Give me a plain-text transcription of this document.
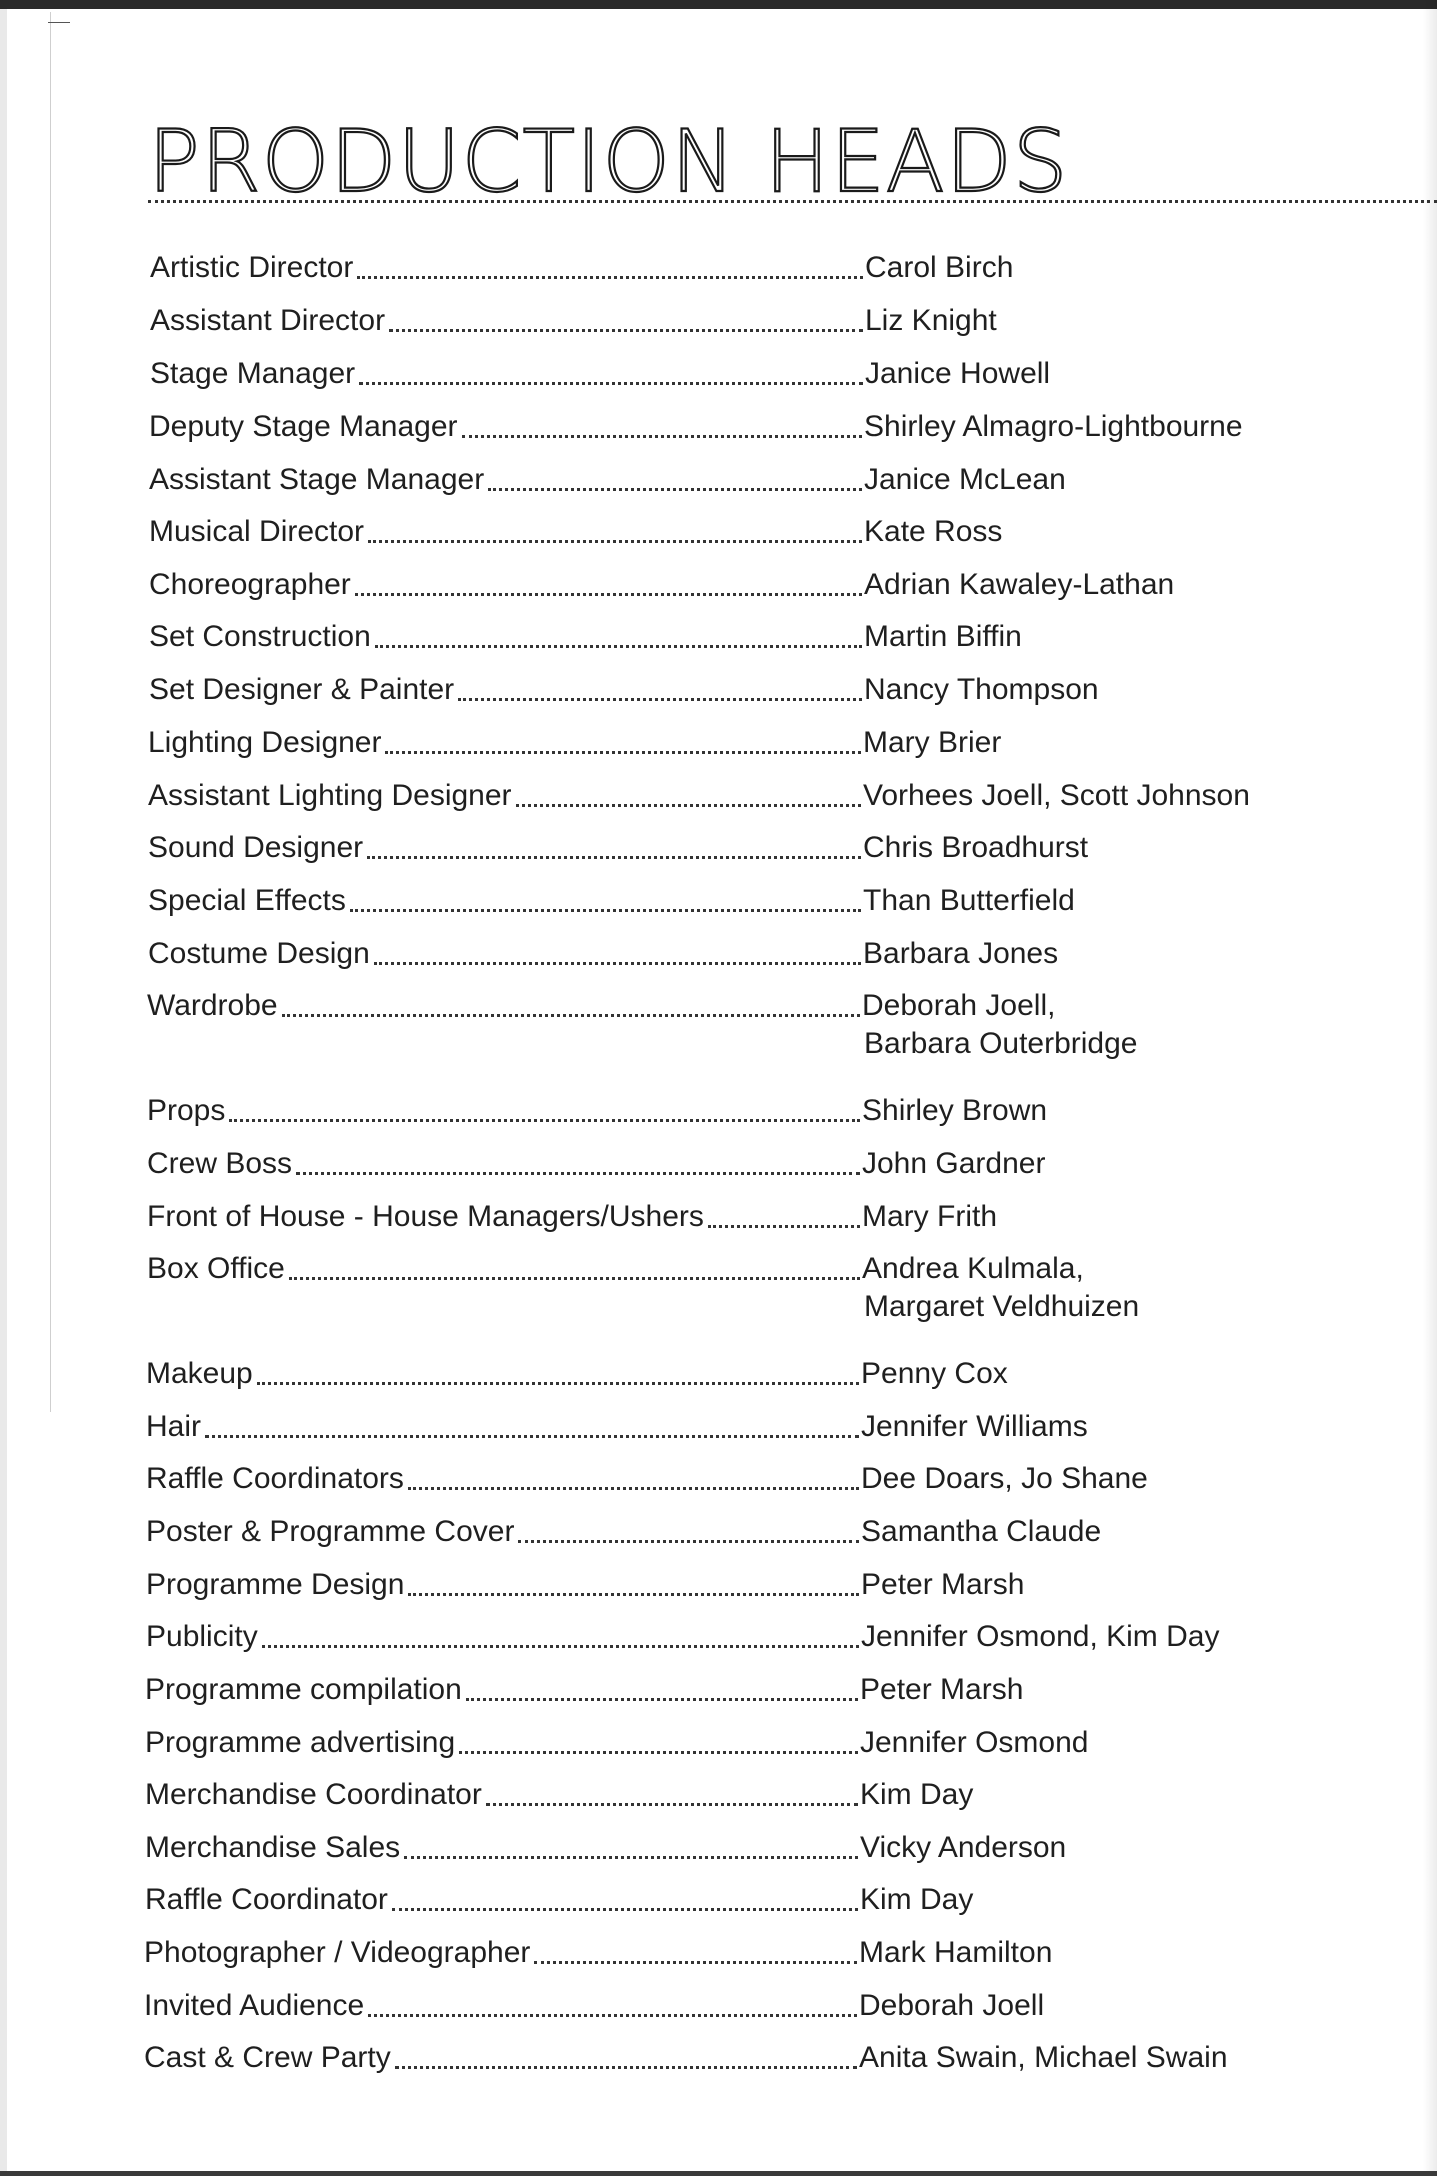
PRODUCTION HEADS
Artistic Director	Carol Birch
Assistant Director	Liz Knight
Stage Manager	Janice Howell
Deputy Stage Manager	Shirley Almagro-Lightbourne
Assistant Stage Manager	Janice McLean
Musical Director	Kate Ross
Choreographer	Adrian Kawaley-Lathan
Set Construction	Martin Biffin
Set Designer & Painter	Nancy Thompson
Lighting Designer	Mary Brier
Assistant Lighting Designer	Vorhees Joell, Scott Johnson
Sound Designer	Chris Broadhurst
Special Effects	Than Butterfield
Costume Design	Barbara Jones
Wardrobe	Deborah Joell,
Barbara Outerbridge
Props	Shirley Brown
Crew Boss	John Gardner
Front of House - House Managers/Ushers	Mary Frith
Box Office	Andrea Kulmala,
Margaret Veldhuizen
Makeup	Penny Cox
Hair	Jennifer Williams
Raffle Coordinators	Dee Doars, Jo Shane
Poster & Programme Cover	Samantha Claude
Programme Design	Peter Marsh
Publicity	Jennifer Osmond, Kim Day
Programme compilation	Peter Marsh
Programme advertising	Jennifer Osmond
Merchandise Coordinator	Kim Day
Merchandise Sales	Vicky Anderson
Raffle Coordinator	Kim Day
Photographer / Videographer	Mark Hamilton
Invited Audience	Deborah Joell
Cast & Crew Party	Anita Swain, Michael Swain
